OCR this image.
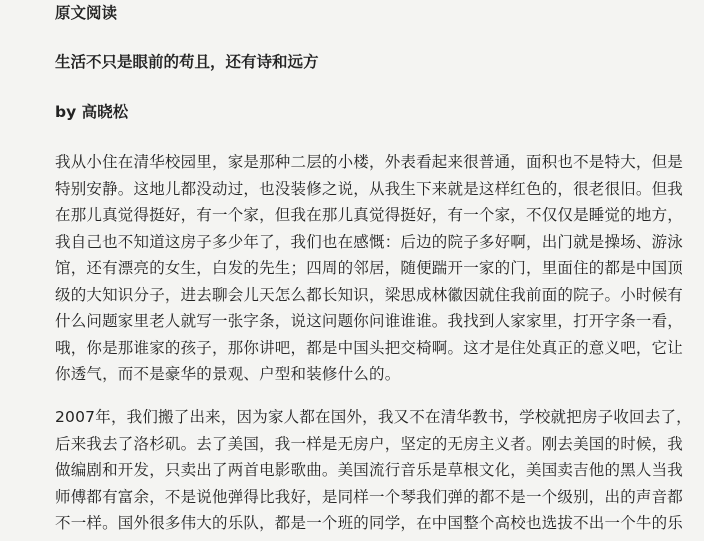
原文阅读
生活不只是眼前的苟且，还有诗和远方
by 高晓松

我从小住在清华校园里，家是那种二层的小楼，外表看起来很普通，面积也不是特大，但是
特别安静。这地儿都没动过，也没装修之说，从我生下来就是这样红色的，很老很旧。但我
在那儿真觉得挺好，有一个家，但我在那儿真觉得挺好，有一个家，不仅仅是睡觉的地方，
我自己也不知道这房子多少年了，我们也在感慨：后边的院子多好啊，出门就是操场、游泳
馆，还有漂亮的女生，白发的先生；四周的邻居，随便踹开一家的门，里面住的都是中国顶
级的大知识分子，进去聊会儿天怎么都长知识，梁思成林徽因就住我前面的院子。小时候有
什么问题家里老人就写一张字条，说这问题你问谁谁谁。我找到人家家里，打开字条一看，
哦，你是那谁家的孩子，那你讲吧，都是中国头把交椅啊。这才是住处真正的意义吧，它让
你透气，而不是豪华的景观、户型和装修什么的。

2007年，我们搬了出来，因为家人都在国外，我又不在清华教书，学校就把房子收回去了，
后来我去了洛杉矶。去了美国，我一样是无房户，坚定的无房主义者。刚去美国的时候，我
做编剧和开发，只卖出了两首电影歌曲。美国流行音乐是草根文化，美国卖吉他的黑人当我
师傅都有富余，不是说他弹得比我好，是同样一个琴我们弹的都不是一个级别，出的声音都
不一样。国外很多伟大的乐队，都是一个班的同学，在中国整个高校也选拔不出一个牛的乐
